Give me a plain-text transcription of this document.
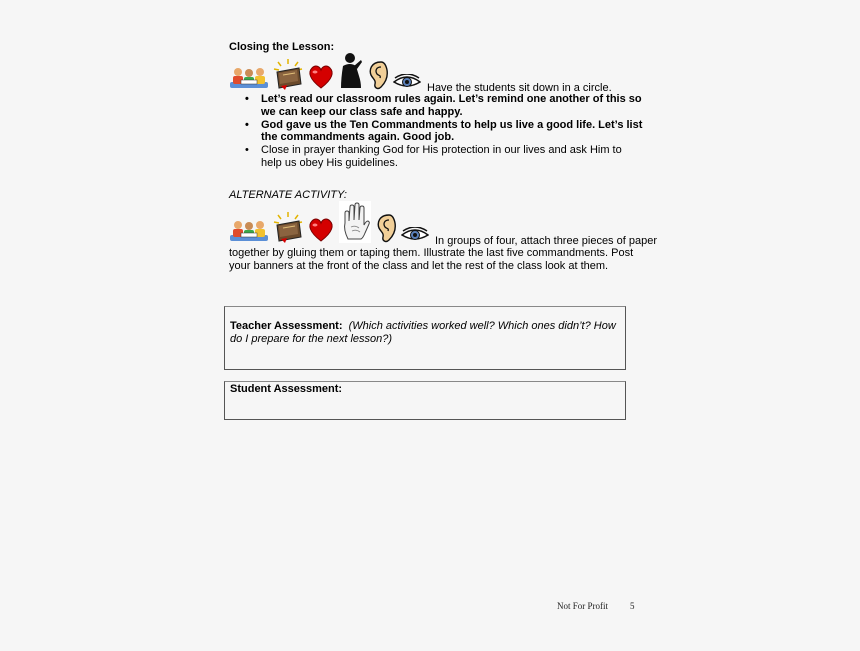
Closing the Lesson:
Have the students sit down in a circle.
• Let’s read our classroom rules again. Let’s remind one another of this so we can keep our class safe and happy.
• God gave us the Ten Commandments to help us live a good life. Let’s list the commandments again. Good job.
• Close in prayer thanking God for His protection in our lives and ask Him to help us obey His guidelines.
ALTERNATE ACTIVITY:
In groups of four, attach three pieces of paper
together by gluing them or taping them. Illustrate the last five commandments. Post your banners at the front of the class and let the rest of the class look at them.
Teacher Assessment: (Which activities worked well? Which ones didn’t? How do I prepare for the next lesson?)
Student Assessment:
Not For Profit 5
